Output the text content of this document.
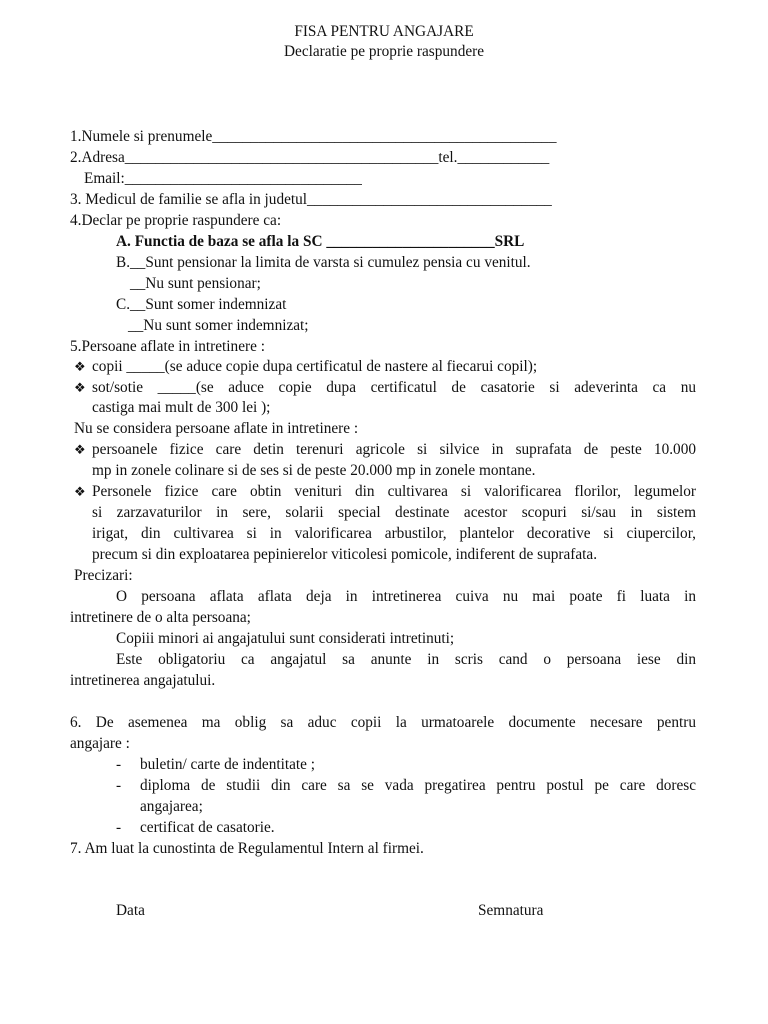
FISA PENTRU ANGAJARE
Declaratie pe proprie raspundere
1.Numele si prenumele_____________________________________________
2.Adresa_________________________________________tel.____________
Email:_______________________________
3. Medicul de familie se afla in judetul________________________________
4.Declar pe proprie raspundere ca:
A. Functia de baza se afla la SC ______________________SRL
B.__Sunt pensionar la limita de varsta si cumulez pensia cu venitul.
__Nu sunt pensionar;
C.__Sunt somer indemnizat
__Nu sunt somer indemnizat;
5.Persoane aflate in intretinere :
❖ copii _____(se aduce copie dupa certificatul de nastere al fiecarui copil);
❖ sot/sotie _____(se aduce copie dupa certificatul de casatorie si adeverinta ca nu
castiga mai mult de 300 lei );
Nu se considera persoane aflate in intretinere :
❖ persoanele fizice care detin terenuri agricole si silvice in suprafata de peste 10.000
mp in zonele colinare si de ses si de peste 20.000 mp in zonele montane.
❖ Personele fizice care obtin venituri din cultivarea si valorificarea florilor, legumelor
si zarzavaturilor in sere, solarii special destinate acestor scopuri si/sau in sistem
irigat, din cultivarea si in valorificarea arbustilor, plantelor decorative si ciupercilor,
precum si din exploatarea pepinierelor viticolesi pomicole, indiferent de suprafata.
Precizari:
O persoana aflata aflata deja in intretinerea cuiva nu mai poate fi luata in
intretinere de o alta persoana;
Copiii minori ai angajatului sunt considerati intretinuti;
Este obligatoriu ca angajatul sa anunte in scris cand o persoana iese din
intretinerea angajatului.
6. De asemenea ma oblig sa aduc copii la urmatoarele documente necesare pentru
angajare :
- buletin/ carte de indentitate ;
- diploma de studii din care sa se vada pregatirea pentru postul pe care doresc
angajarea;
- certificat de casatorie.
7. Am luat la cunostinta de Regulamentul Intern al firmei.
Data	Semnatura
